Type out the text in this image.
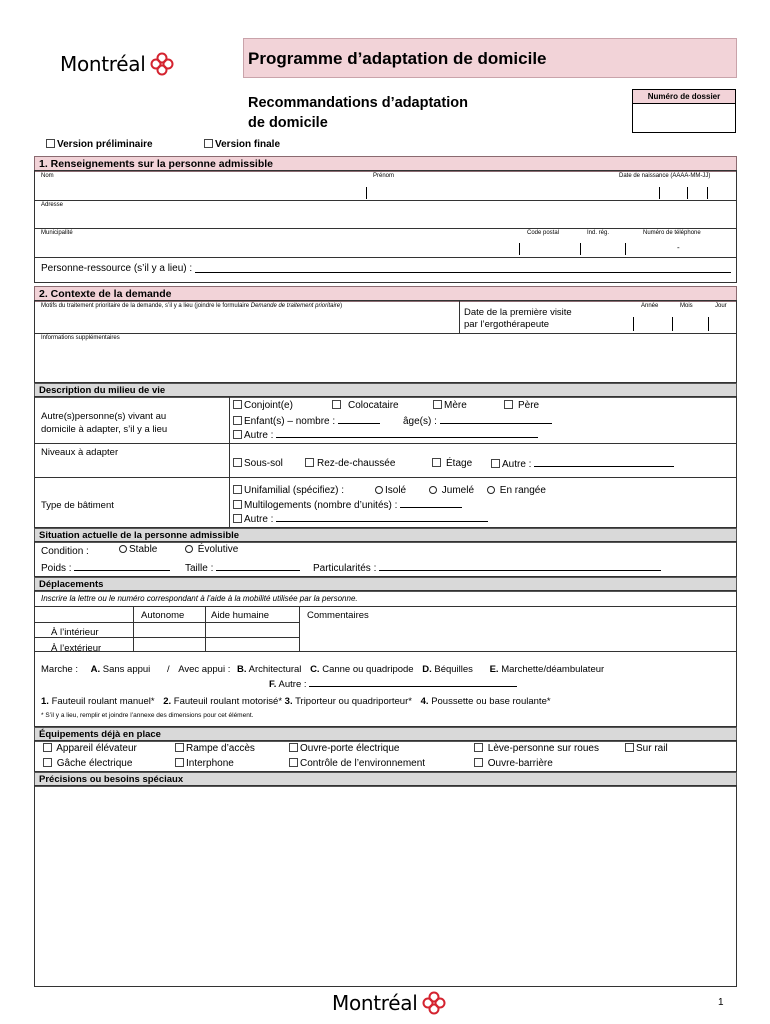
Montréal	Programme d’adaptation de domicile
Recommandations d’adaptation
de domicile
Numéro de dossier
Version préliminaire	Version finale
1. Renseignements sur la personne admissible
Nom	Prénom	Date de naissance (AAAA-MM-JJ)
Adresse
Municipalité	Code postal	Ind. rég.	Numéro de téléphone
-
Personne-ressource (s’il y a lieu) :
2. Contexte de la demande
Motifs du traitement prioritaire de la demande, s’il y a lieu (joindre le formulaire Demande de traitement prioritaire)
Date de la première visite
par l’ergothérapeute
Année	Mois	Jour
Informations supplémentaires
Description du milieu de vie
Autre(s)personne(s) vivant au
domicile à adapter, s’il y a lieu
Conjoint(e)	Colocataire	Mère	Père
Enfant(s) – nombre :	âge(s) :
Autre :
Niveaux à adapter
Sous-sol	Rez-de-chaussée	Étage	Autre :
Type de bâtiment
Unifamilial (spécifiez) :	Isolé	Jumelé	En rangée
Multilogements (nombre d’unités) :
Autre :
Situation actuelle de la personne admissible
Condition :	Stable	Évolutive
Poids :	Taille :	Particularités :
Déplacements
Inscrire la lettre ou le numéro correspondant à l’aide à la mobilité utilisée par la personne.
Autonome	Aide humaine	Commentaires
À l’intérieur
À l’extérieur
Marche : A. Sans appui / Avec appui : B. Architectural C. Canne ou quadripode D. Béquilles E. Marchette/déambulateur
F. Autre :
1. Fauteuil roulant manuel* 2. Fauteuil roulant motorisé* 3. Triporteur ou quadriporteur* 4. Poussette ou base roulante*
* S’il y a lieu, remplir et joindre l’annexe des dimensions pour cet élément.
Équipements déjà en place
Appareil élévateur	Rampe d’accès	Ouvre-porte électrique	Lève-personne sur roues	Sur rail
Gâche électrique	Interphone	Contrôle de l’environnement	Ouvre-barrière
Précisions ou besoins spéciaux
Montréal	1
